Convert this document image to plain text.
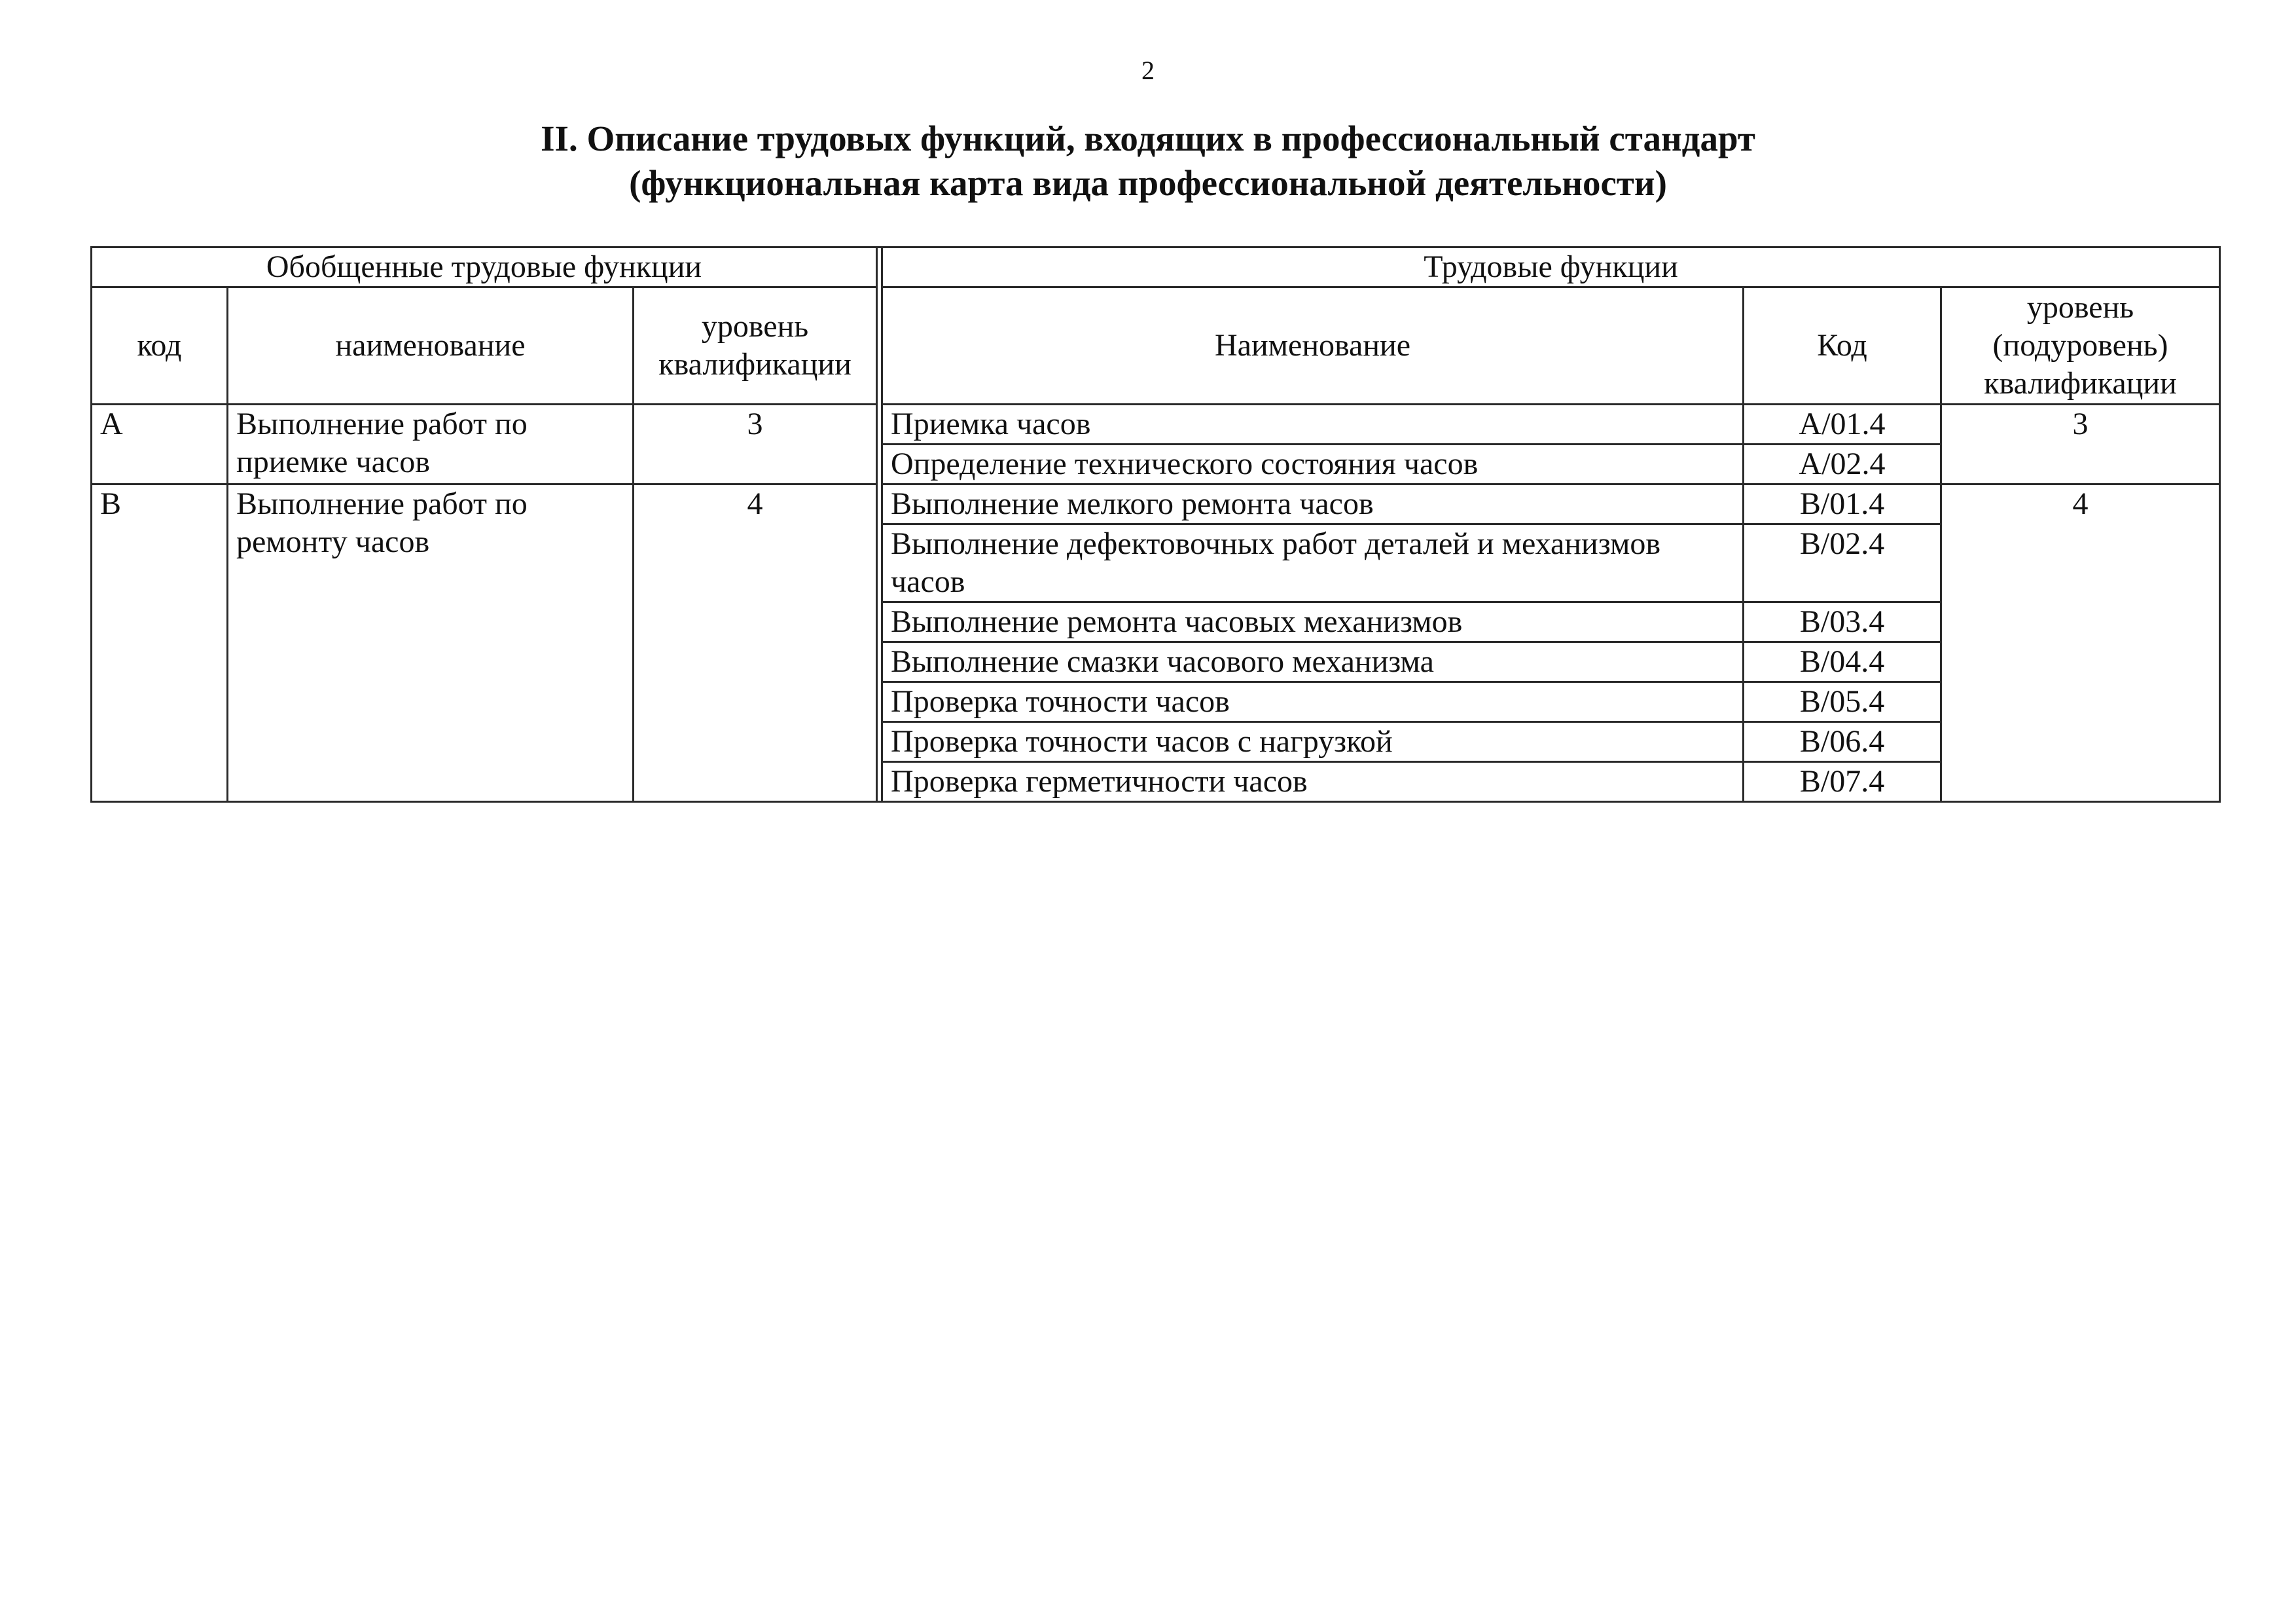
2
II. Описание трудовых функций, входящих в профессиональный стандарт
(функциональная карта вида профессиональной деятельности)
Обобщенные трудовые функции				Трудовые функции		
код	наименование	уровень квалификации		Наименование	Код	уровень (подуровень) квалификации
А	Выполнение работ по приемке часов	3		Приемка часов	А/01.4	3
				Определение технического состояния часов	А/02.4	
В	Выполнение работ по ремонту часов	4		Выполнение мелкого ремонта часов	В/01.4	4
				Выполнение дефектовочных работ деталей и механизмов часов	В/02.4	
				Выполнение ремонта часовых механизмов	В/03.4	
				Выполнение смазки часового механизма	В/04.4	
				Проверка точности часов	В/05.4	
				Проверка точности часов с нагрузкой	В/06.4	
				Проверка герметичности часов	В/07.4	
